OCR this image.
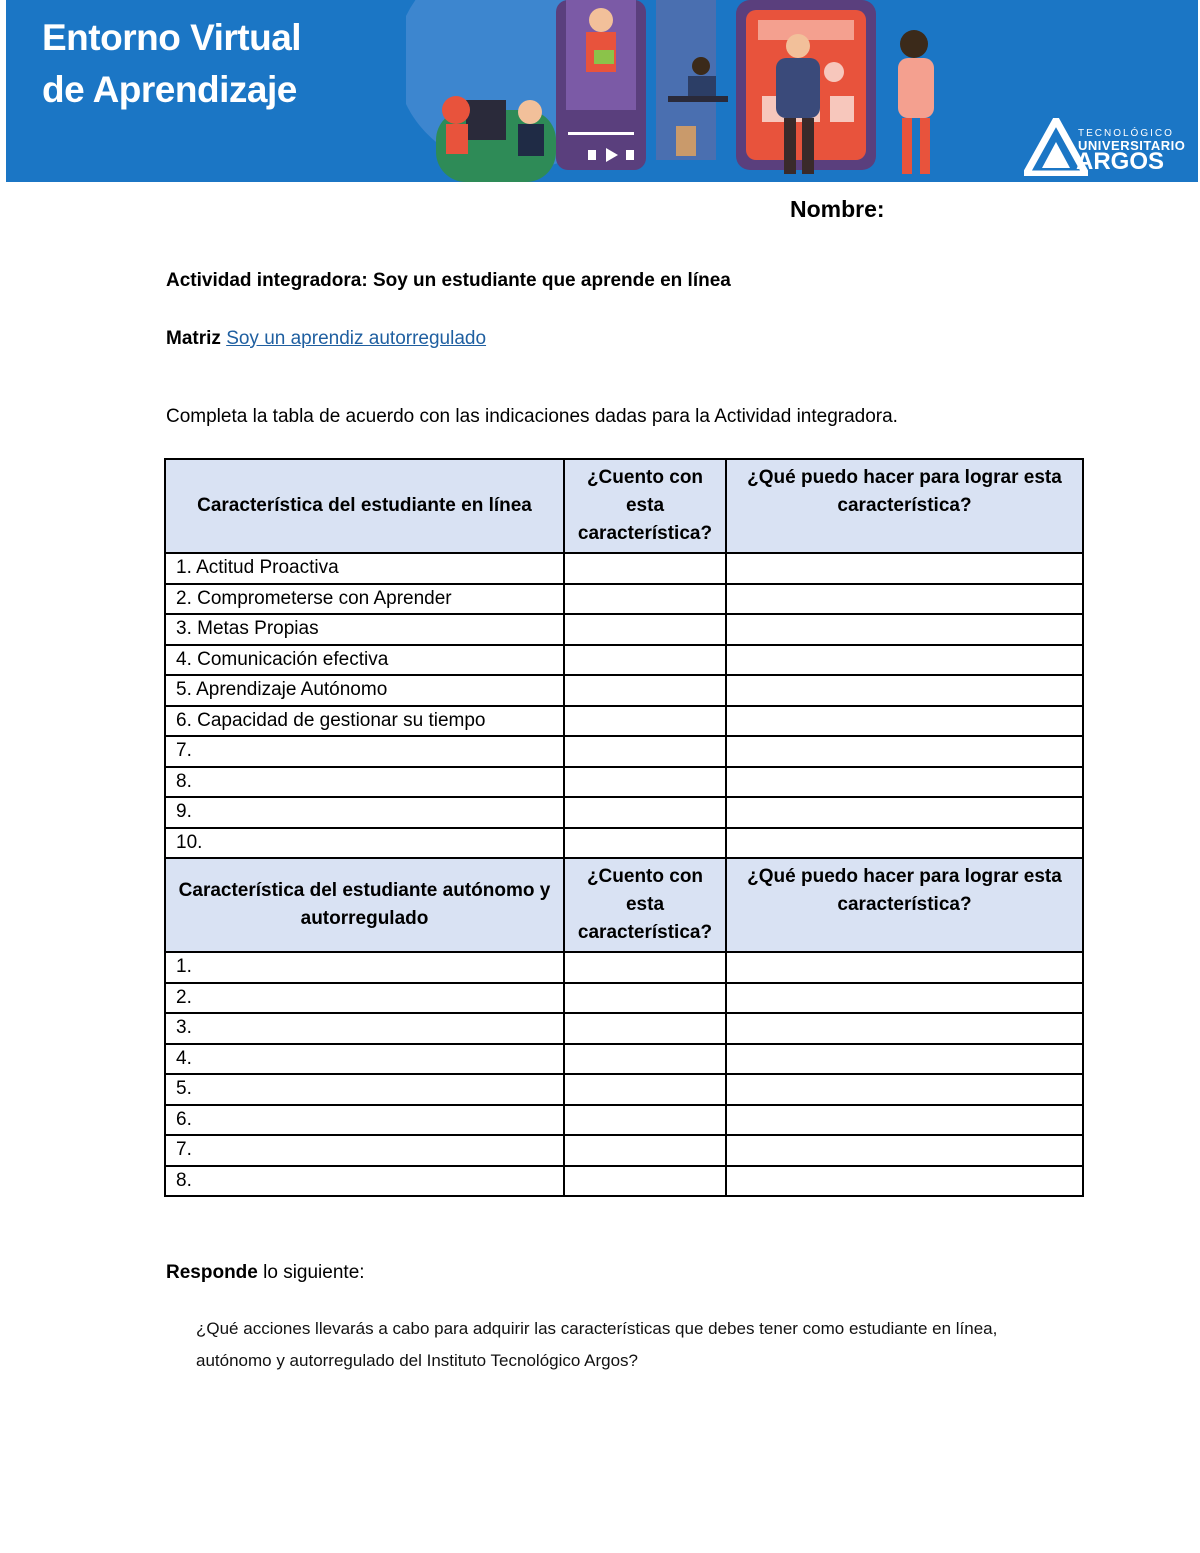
Entorno Virtual
de Aprendizaje
TECNOLÓGICO
UNIVERSITARIO
ARGOS
Nombre:
Actividad integradora: Soy un estudiante que aprende en línea
Matriz Soy un aprendiz autorregulado
Completa la tabla de acuerdo con las indicaciones dadas para la Actividad integradora.
Característica del estudiante en línea	¿Cuento con esta característica?	¿Qué puedo hacer para lograr esta característica?
1. Actitud Proactiva		
2. Comprometerse con Aprender		
3. Metas Propias		
4. Comunicación efectiva		
5. Aprendizaje Autónomo		
6. Capacidad de gestionar su tiempo		
7.		
8.		
9.		
10.		
Característica del estudiante autónomo y autorregulado	¿Cuento con esta característica?	¿Qué puedo hacer para lograr esta característica?
1.		
2.		
3.		
4.		
5.		
6.		
7.		
8.		
Responde lo siguiente:
¿Qué acciones llevarás a cabo para adquirir las características que debes tener como estudiante en línea, autónomo y autorregulado del Instituto Tecnológico Argos?
